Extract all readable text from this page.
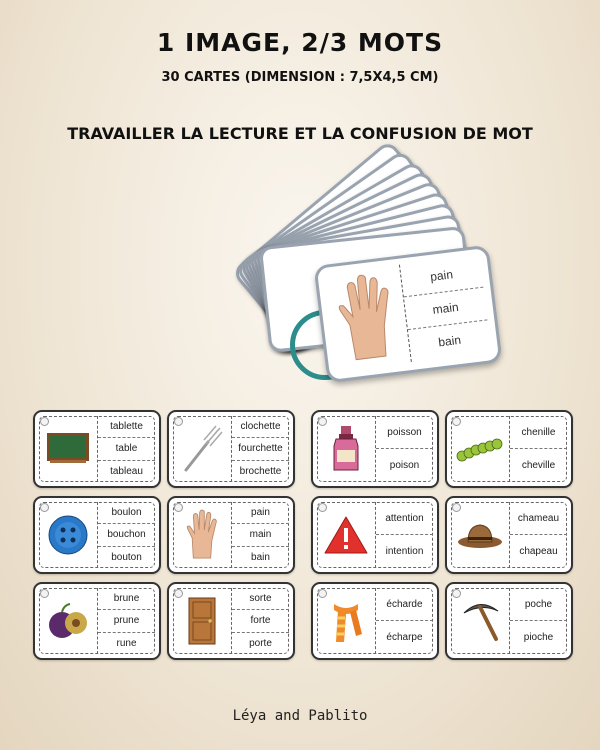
1 IMAGE, 2/3 MOTS
30 CARTES (DIMENSION : 7,5X4,5 CM)
TRAVAILLER LA LECTURE ET LA CONFUSION DE MOT
pain
main
bain
tablette
table
tableau
clochette
fourchette
brochette
poisson
poison
chenille
cheville
boulon
bouchon
bouton
pain
main
bain
attention
intention
chameau
chapeau
brune
prune
rune
sorte
forte
porte
écharde
écharpe
poche
pioche
Léya and Pablito
